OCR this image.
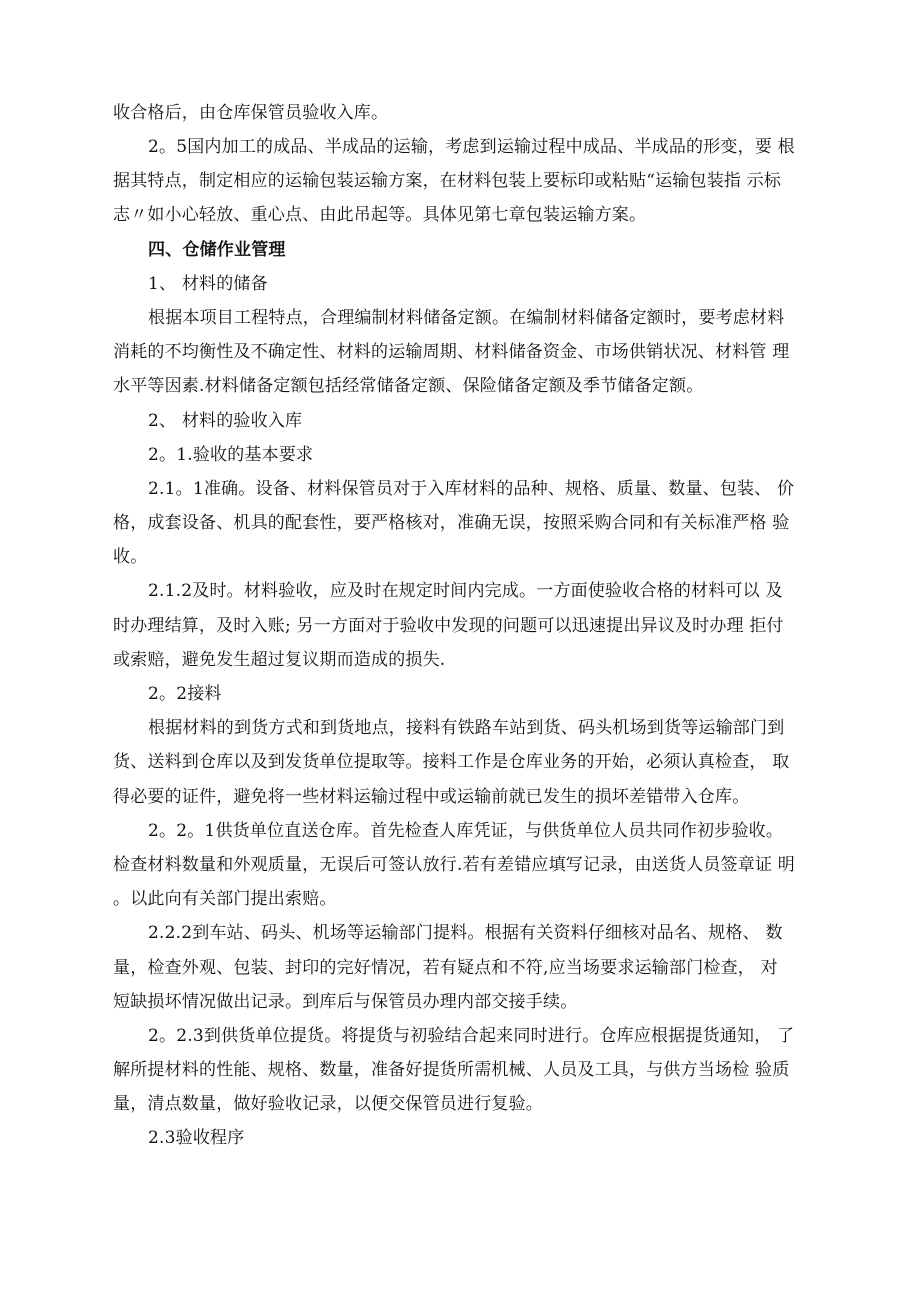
收合格后，由仓库保管员验收入库。
2。5国内加工的成品、半成品的运输，考虑到运输过程中成品、半成品的形变，要 根
据其特点，制定相应的运输包装运输方案，在材料包装上要标印或粘贴“运输包装指 示标
志〃如小心轻放、重心点、由此吊起等。具体见第七章包装运输方案。
四、仓储作业管理
1、 材料的储备
根据本项目工程特点，合理编制材料储备定额。在编制材料储备定额时，要考虑材料
消耗的不均衡性及不确定性、材料的运输周期、材料储备资金、市场供销状况、材料管 理
水平等因素.材料储备定额包括经常储备定额、保险储备定额及季节储备定额。
2、 材料的验收入库
2。1.验收的基本要求
2.1。1准确。设备、材料保管员对于入库材料的品种、规格、质量、数量、包装、 价
格，成套设备、机具的配套性，要严格核对，准确无误，按照采购合同和有关标准严格 验
收。
2.1.2及时。材料验收，应及时在规定时间内完成。一方面使验收合格的材料可以 及
时办理结算，及时入账; 另一方面对于验收中发现的问题可以迅速提出异议及时办理 拒付
或索赔，避免发生超过复议期而造成的损失.
2。2接料
根据材料的到货方式和到货地点，接料有铁路车站到货、码头机场到货等运输部门到
货、送料到仓库以及到发货单位提取等。接料工作是仓库业务的开始，必须认真检查， 取
得必要的证件，避免将一些材料运输过程中或运输前就已发生的损坏差错带入仓库。
2。2。1供货单位直送仓库。首先检查人库凭证，与供货单位人员共同作初步验收。
检查材料数量和外观质量，无误后可签认放行.若有差错应填写记录，由送货人员签章证 明
。以此向有关部门提出索赔。
2.2.2到车站、码头、机场等运输部门提料。根据有关资料仔细核对品名、规格、 数
量，检查外观、包装、封印的完好情况，若有疑点和不符,应当场要求运输部门检查， 对
短缺损坏情况做出记录。到库后与保管员办理内部交接手续。
2。2.3到供货单位提货。将提货与初验结合起来同时进行。仓库应根据提货通知， 了
解所提材料的性能、规格、数量，准备好提货所需机械、人员及工具，与供方当场检 验质
量，清点数量，做好验收记录，以便交保管员进行复验。
2.3验收程序
